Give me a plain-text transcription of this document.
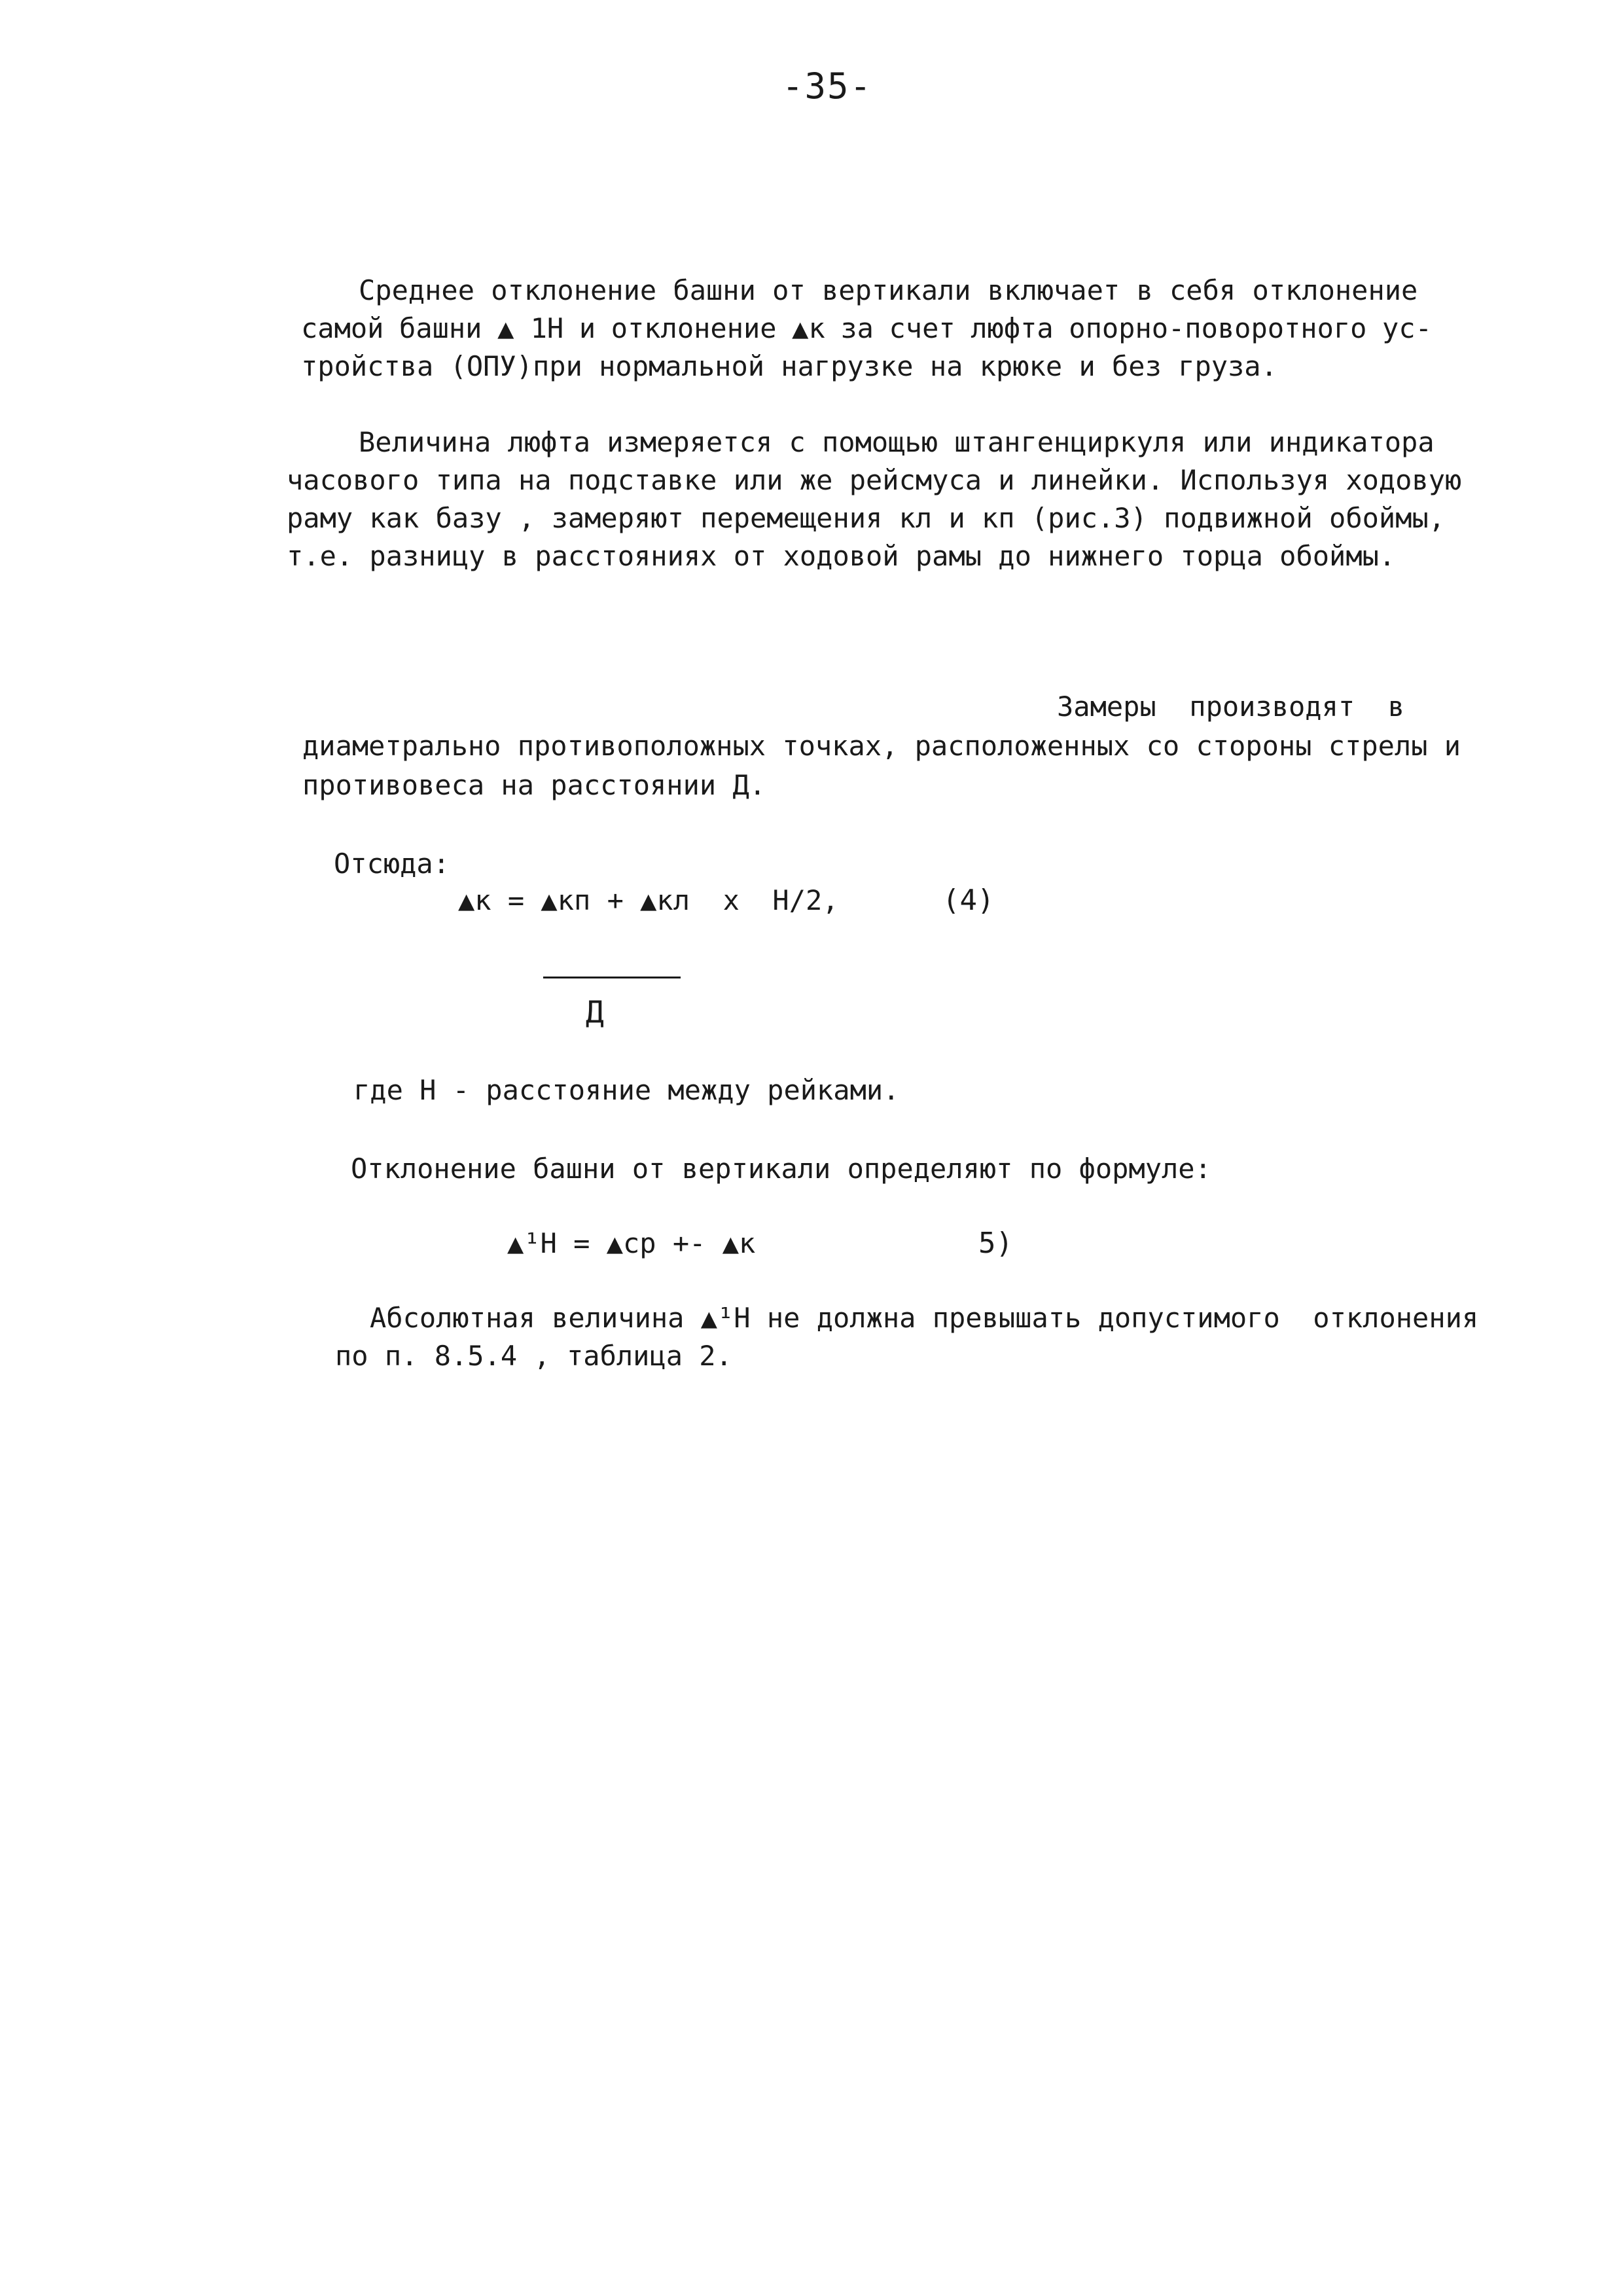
-35-
Среднее отклонение башни от вертикали включает в себя отклонение
самой башни ▲ 1Н и отклонение ▲к за счет люфта опорно-поворотного ус-
тройства (ОПУ)при нормальной нагрузке на крюке и без груза.
Величина люфта измеряется с помощью штангенциркуля или индикатора
часового типа на подставке или же рейсмуса и линейки. Используя ходовую
раму как базу , замеряют перемещения кл и кп (рис.3) подвижной обоймы,
т.е. разницу в расстояниях от ходовой рамы до нижнего торца обоймы.
Замеры  производят  в
диаметрально противоположных точках, расположенных со стороны стрелы и
противовеса на расстоянии Д.
Отсюда:
▲к = ▲кп + ▲кл  х  Н/2,	(4)
Д
где Н - расстояние между рейками.
Отклонение башни от вертикали определяют по формуле:
▲¹Н = ▲ср +- ▲к	5)
Абсолютная величина ▲¹Н не должна превышать допустимого  отклонения
по п. 8.5.4 , таблица 2.
